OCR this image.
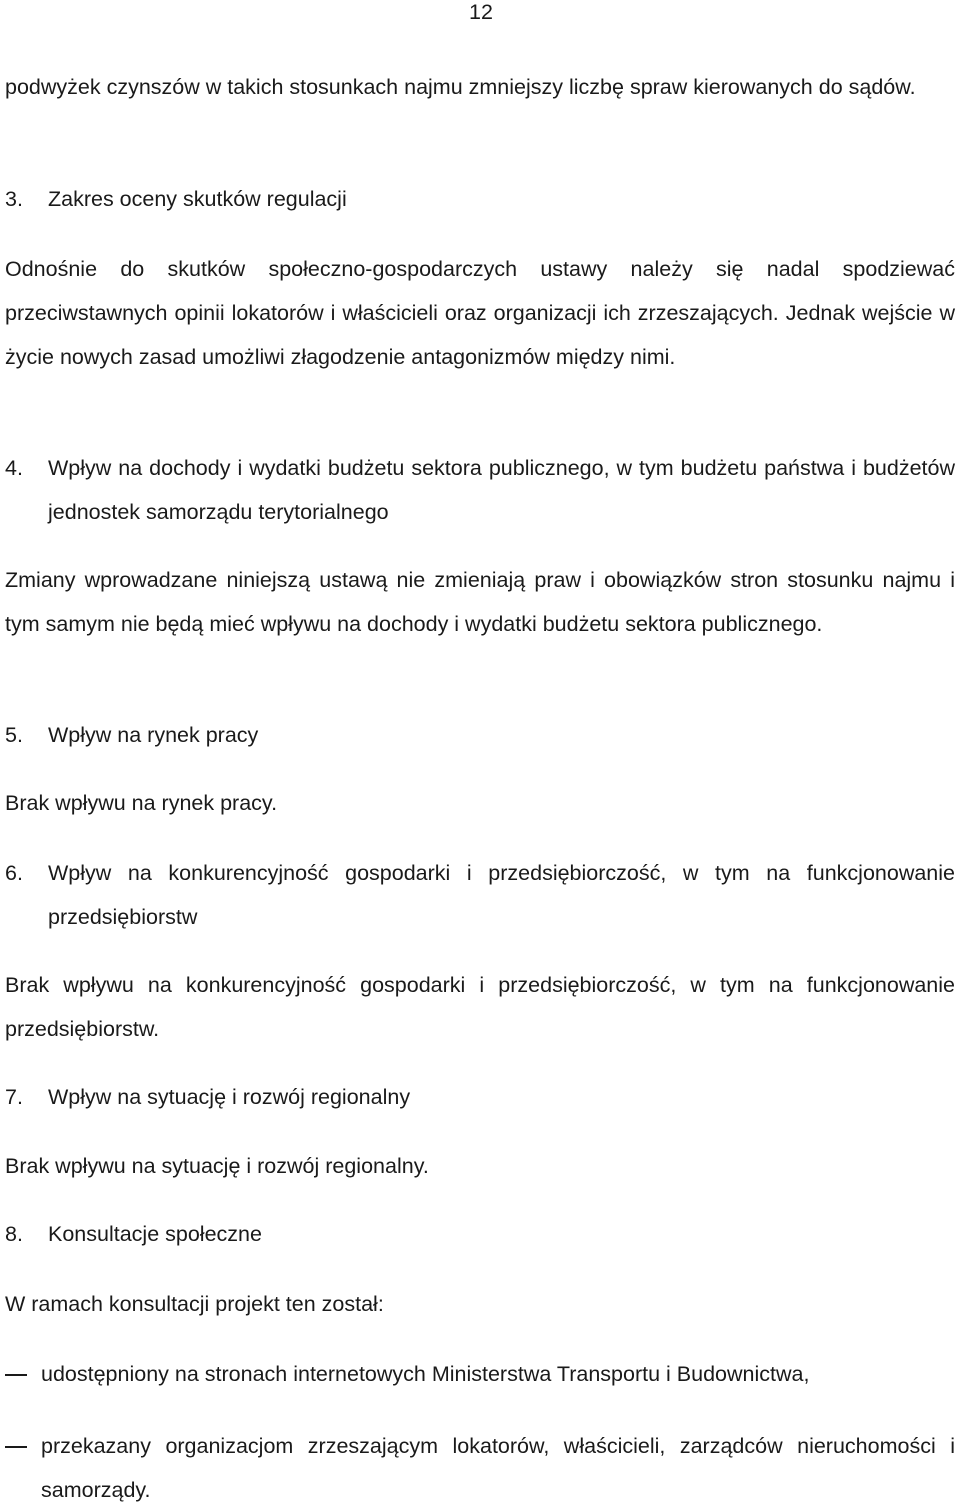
12

podwyżek czynszów w takich stosunkach najmu zmniejszy liczbę spraw kierowanych do sądów.

3.	Zakres oceny skutków regulacji

Odnośnie do skutków społeczno-gospodarczych ustawy należy się nadal spodziewać przeciwstawnych opinii lokatorów i właścicieli oraz organizacji ich zrzeszających. Jednak wejście w życie nowych zasad umożliwi złagodzenie antagonizmów między nimi.

4.	Wpływ na dochody i wydatki budżetu sektora publicznego, w tym budżetu państwa i budżetów jednostek samorządu terytorialnego

Zmiany wprowadzane niniejszą ustawą nie zmieniają praw i obowiązków stron stosunku najmu i tym samym nie będą mieć wpływu na dochody i wydatki budżetu sektora publicznego.

5.	Wpływ na rynek pracy

Brak wpływu na rynek pracy.

6.	Wpływ na konkurencyjność gospodarki i przedsiębiorczość, w tym na funkcjonowanie przedsiębiorstw

Brak wpływu na konkurencyjność gospodarki i przedsiębiorczość, w tym na funkcjonowanie przedsiębiorstw.

7.	Wpływ na sytuację i rozwój regionalny

Brak wpływu na sytuację i rozwój regionalny.

8.	Konsultacje społeczne

W ramach konsultacji projekt ten został:

udostępniony na stronach internetowych Ministerstwa Transportu i Budownictwa,
przekazany organizacjom zrzeszającym lokatorów, właścicieli, zarządców nieruchomości i samorządy.
